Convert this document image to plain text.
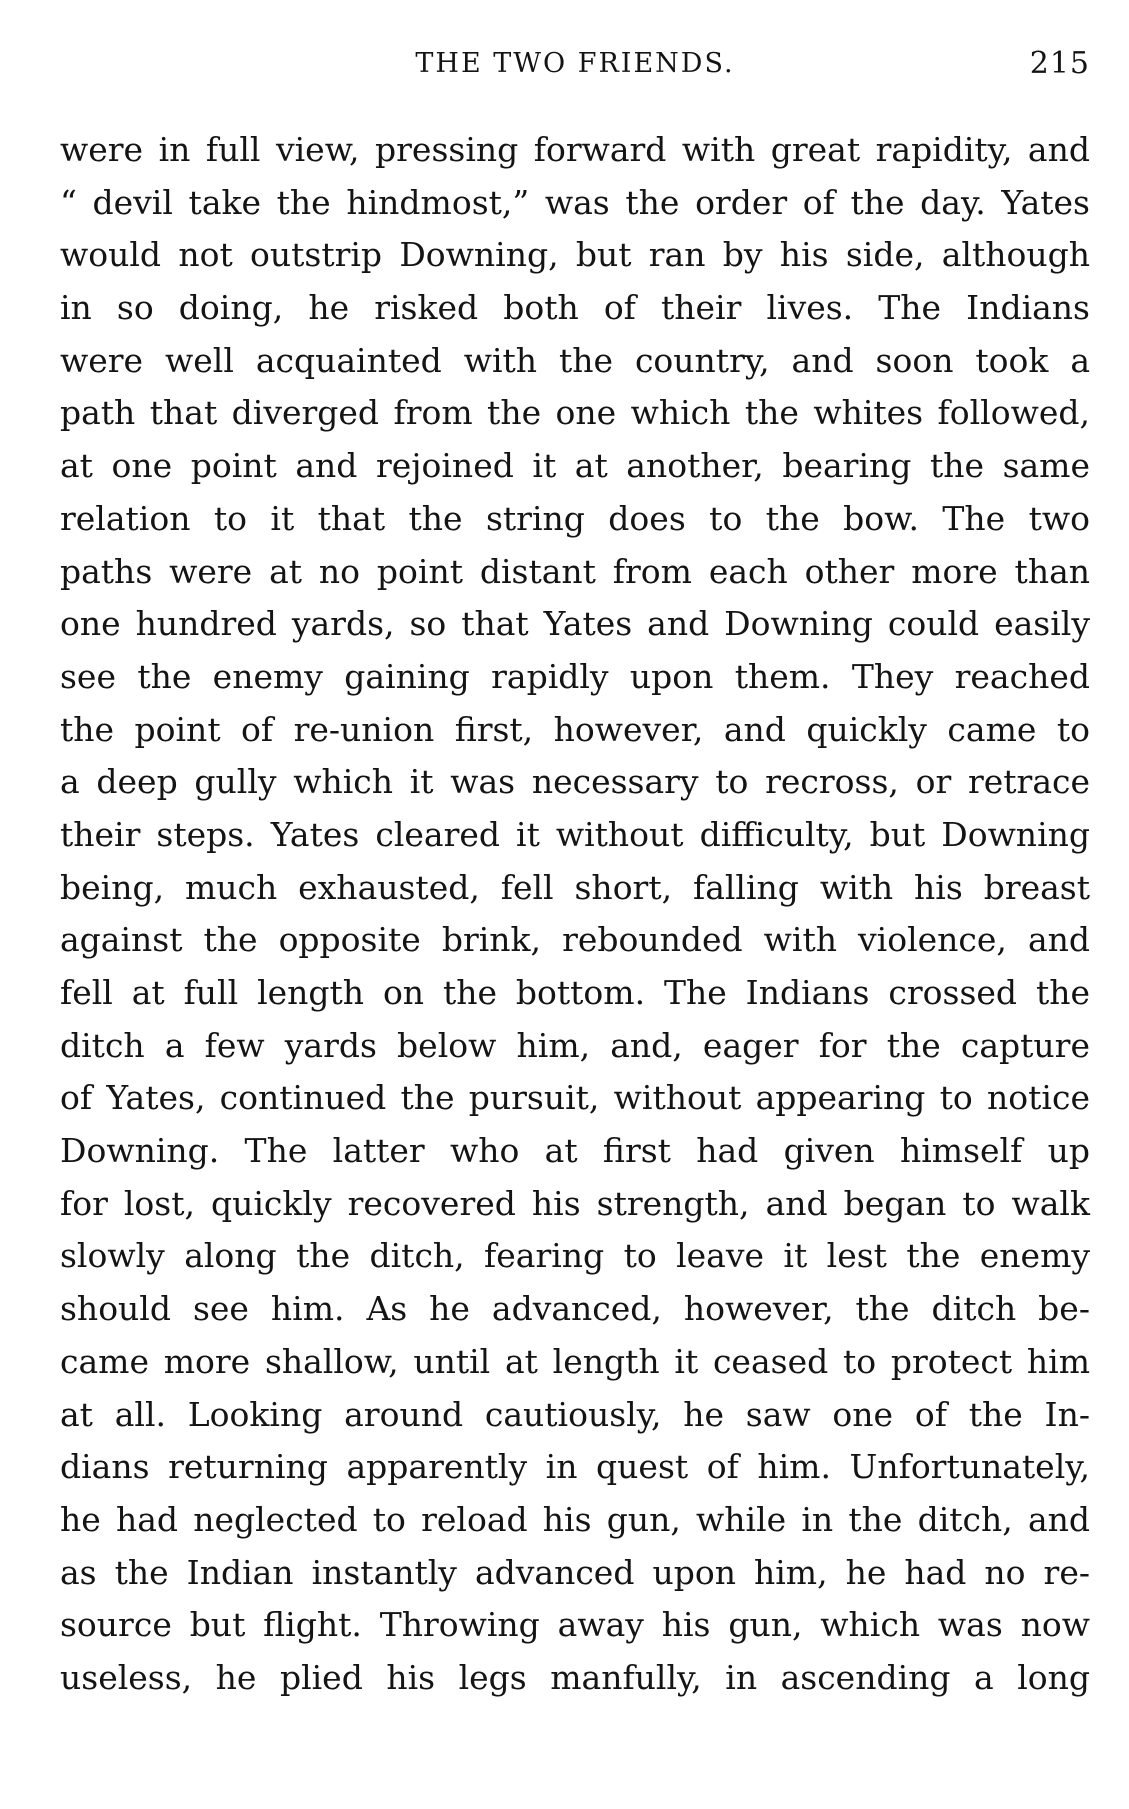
THE TWO FRIENDS.	215
were in full view, pressing forward with great rapidity, and
“ devil take the hindmost,” was the order of the day. Yates
would not outstrip Downing, but ran by his side, although
in so doing, he risked both of their lives. The Indians
were well acquainted with the country, and soon took a
path that diverged from the one which the whites followed,
at one point and rejoined it at another, bearing the same
relation to it that the string does to the bow. The two
paths were at no point distant from each other more than
one hundred yards, so that Yates and Downing could easily
see the enemy gaining rapidly upon them. They reached
the point of re-union first, however, and quickly came to
a deep gully which it was necessary to recross, or retrace
their steps. Yates cleared it without difficulty, but Downing
being, much exhausted, fell short, falling with his breast
against the opposite brink, rebounded with violence, and
fell at full length on the bottom. The Indians crossed the
ditch a few yards below him, and, eager for the capture
of Yates, continued the pursuit, without appearing to notice
Downing. The latter who at first had given himself up
for lost, quickly recovered his strength, and began to walk
slowly along the ditch, fearing to leave it lest the enemy
should see him. As he advanced, however, the ditch be-
came more shallow, until at length it ceased to protect him
at all. Looking around cautiously, he saw one of the In-
dians returning apparently in quest of him. Unfortunately,
he had neglected to reload his gun, while in the ditch, and
as the Indian instantly advanced upon him, he had no re-
source but flight. Throwing away his gun, which was now
useless, he plied his legs manfully, in ascending a long
